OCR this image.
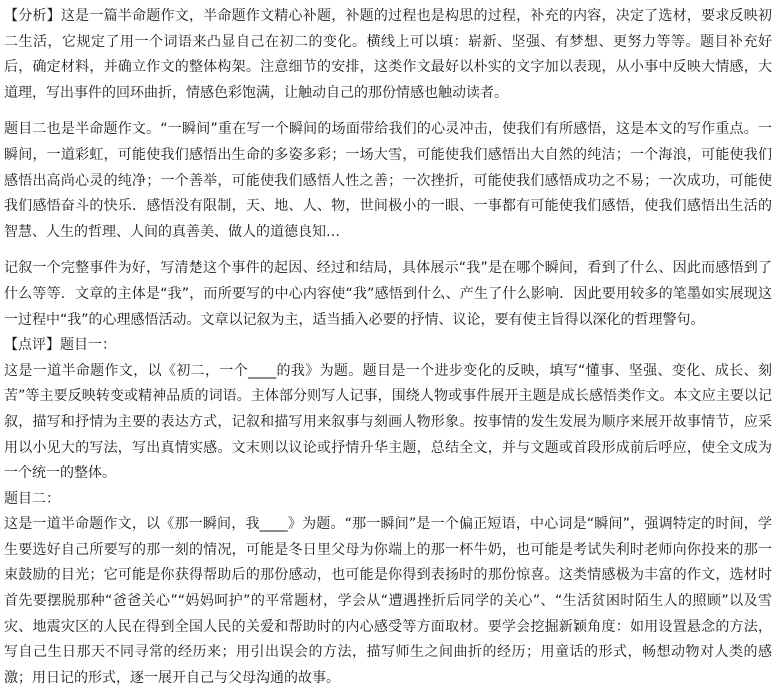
【分析】这是一篇半命题作文，半命题作文精心补题，补题的过程也是构思的过程，补充的内容，决定了选材，要求反映初二生活，它规定了用一个词语来凸显自己在初二的变化。横线上可以填：崭新、坚强、有梦想、更努力等等。题目补充好后，确定材料，并确立作文的整体构架。注意细节的安排，这类作文最好以朴实的文字加以表现，从小事中反映大情感，大道理，写出事件的回环曲折，情感色彩饱满，让触动自己的那份情感也触动读者。

题目二也是半命题作文。“一瞬间”重在写一个瞬间的场面带给我们的心灵冲击，使我们有所感悟，这是本文的写作重点。一瞬间，一道彩虹，可能使我们感悟出生命的多姿多彩；一场大雪，可能使我们感悟出大自然的纯洁；一个海浪，可能使我们感悟出高尚心灵的纯净；一个善举，可能使我们感悟人性之善；一次挫折，可能使我们感悟成功之不易；一次成功，可能使我们感悟奋斗的快乐．感悟没有限制，天、地、人、物，世间极小的一眼、一事都有可能使我们感悟，使我们感悟出生活的智慧、人生的哲理、人间的真善美、做人的道德良知…

记叙一个完整事件为好，写清楚这个事件的起因、经过和结局，具体展示“我”是在哪个瞬间，看到了什么、因此而感悟到了什么等等．文章的主体是“我”，而所要写的中心内容使“我”感悟到什么、产生了什么影响．因此要用较多的笔墨如实展现这一过程中“我”的心理感悟活动。文章以记叙为主，适当插入必要的抒情、议论，要有使主旨得以深化的哲理警句。

【点评】题目一：

这是一道半命题作文，以《初二，一个____的我》为题。题目是一个进步变化的反映，填写“懂事、坚强、变化、成长、刻苦”等主要反映转变或精神品质的词语。主体部分则写人记事，围绕人物或事件展开主题是成长感悟类作文。本文应主要以记叙，描写和抒情为主要的表达方式，记叙和描写用来叙事与刻画人物形象。按事情的发生发展为顺序来展开故事情节，应采用以小见大的写法，写出真情实感。文末则以议论或抒情升华主题，总结全文，并与文题或首段形成前后呼应，使全文成为一个统一的整体。

题目二：

这是一道半命题作文，以《那一瞬间，我____》为题。“那一瞬间”是一个偏正短语，中心词是“瞬间”，强调特定的时间，学生要选好自己所要写的那一刻的情况，可能是冬日里父母为你端上的那一杯牛奶，也可能是考试失利时老师向你投来的那一束鼓励的目光；它可能是你获得帮助后的那份感动，也可能是你得到表扬时的那份惊喜。这类情感极为丰富的作文，选材时首先要摆脱那种“爸爸关心”“妈妈呵护”的平常题材，学会从“遭遇挫折后同学的关心”、“生活贫困时陌生人的照顾”以及雪灾、地震灾区的人民在得到全国人民的关爱和帮助时的内心感受等方面取材。要学会挖掘新颖角度：如用设置悬念的方法，写自己生日那天不同寻常的经历来；用引出误会的方法，描写师生之间曲折的经历；用童话的形式，畅想动物对人类的感激；用日记的形式，逐一展开自己与父母沟通的故事。
